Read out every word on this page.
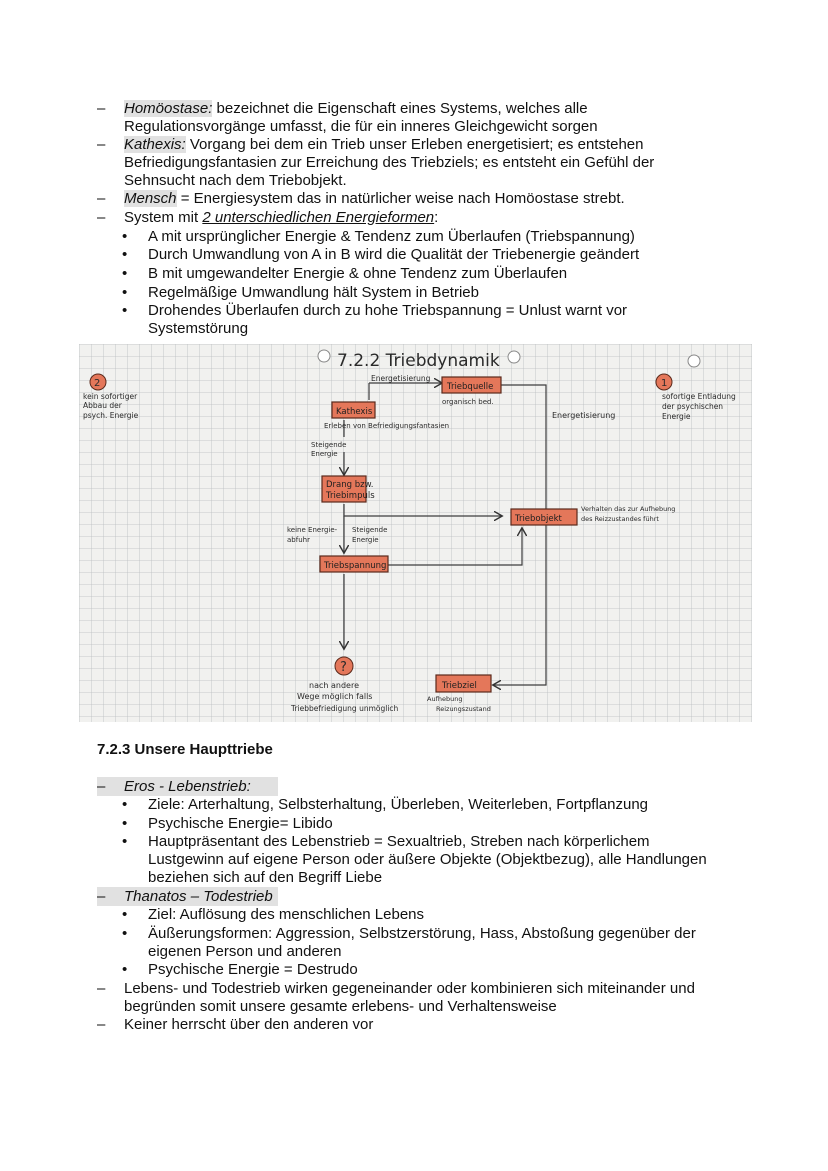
– Homöostase: bezeichnet die Eigenschaft eines Systems, welches alle
Regulationsvorgänge umfasst, die für ein inneres Gleichgewicht sorgen
– Kathexis: Vorgang bei dem ein Trieb unser Erleben energetisiert; es entstehen
Befriedigungsfantasien zur Erreichung des Triebziels; es entsteht ein Gefühl der
Sehnsucht nach dem Triebobjekt.
– Mensch = Energiesystem das in natürlicher weise nach Homöostase strebt.
– System mit 2 unterschiedlichen Energieformen:
• A mit ursprünglicher Energie & Tendenz zum Überlaufen (Triebspannung)
• Durch Umwandlung von A in B wird die Qualität der Triebenergie geändert
• B mit umgewandelter Energie & ohne Tendenz zum Überlaufen
• Regelmäßige Umwandlung hält System in Betrieb
• Drohendes Überlaufen durch zu hohe Triebspannung = Unlust warnt vor
Systemstörung
7.2.2 Triebdynamik
2	1
kein sofortiger
Abbau der
psych. Energie
sofortige Entladung
der psychischen
Energie
Triebquelle
organisch bed.
Energetisierung
Kathexis
Erleben von Befriedigungsfantasien
Energetisierung
Steigende
Energie
Drang bzw.
Triebimpuls
Triebobjekt
Verhalten das zur Aufhebung
des Reizzustandes führt
keine Energie-
abfuhr
Steigende
Energie
Triebspannung
?
nach andere
Wege möglich falls
Triebbefriedigung unmöglich
Triebziel
Aufhebung
Reizungszustand
7.2.3 Unsere Haupttriebe
– Eros - Lebenstrieb:
• Ziele: Arterhaltung, Selbsterhaltung, Überleben, Weiterleben, Fortpflanzung
• Psychische Energie= Libido
• Hauptpräsentant des Lebenstrieb = Sexualtrieb, Streben nach körperlichem
Lustgewinn auf eigene Person oder äußere Objekte (Objektbezug), alle Handlungen
beziehen sich auf den Begriff Liebe
– Thanatos – Todestrieb
• Ziel: Auflösung des menschlichen Lebens
• Äußerungsformen: Aggression, Selbstzerstörung, Hass, Abstoßung gegenüber der
eigenen Person und anderen
• Psychische Energie = Destrudo
– Lebens- und Todestrieb wirken gegeneinander oder kombinieren sich miteinander und
begründen somit unsere gesamte erlebens- und Verhaltensweise
– Keiner herrscht über den anderen vor
